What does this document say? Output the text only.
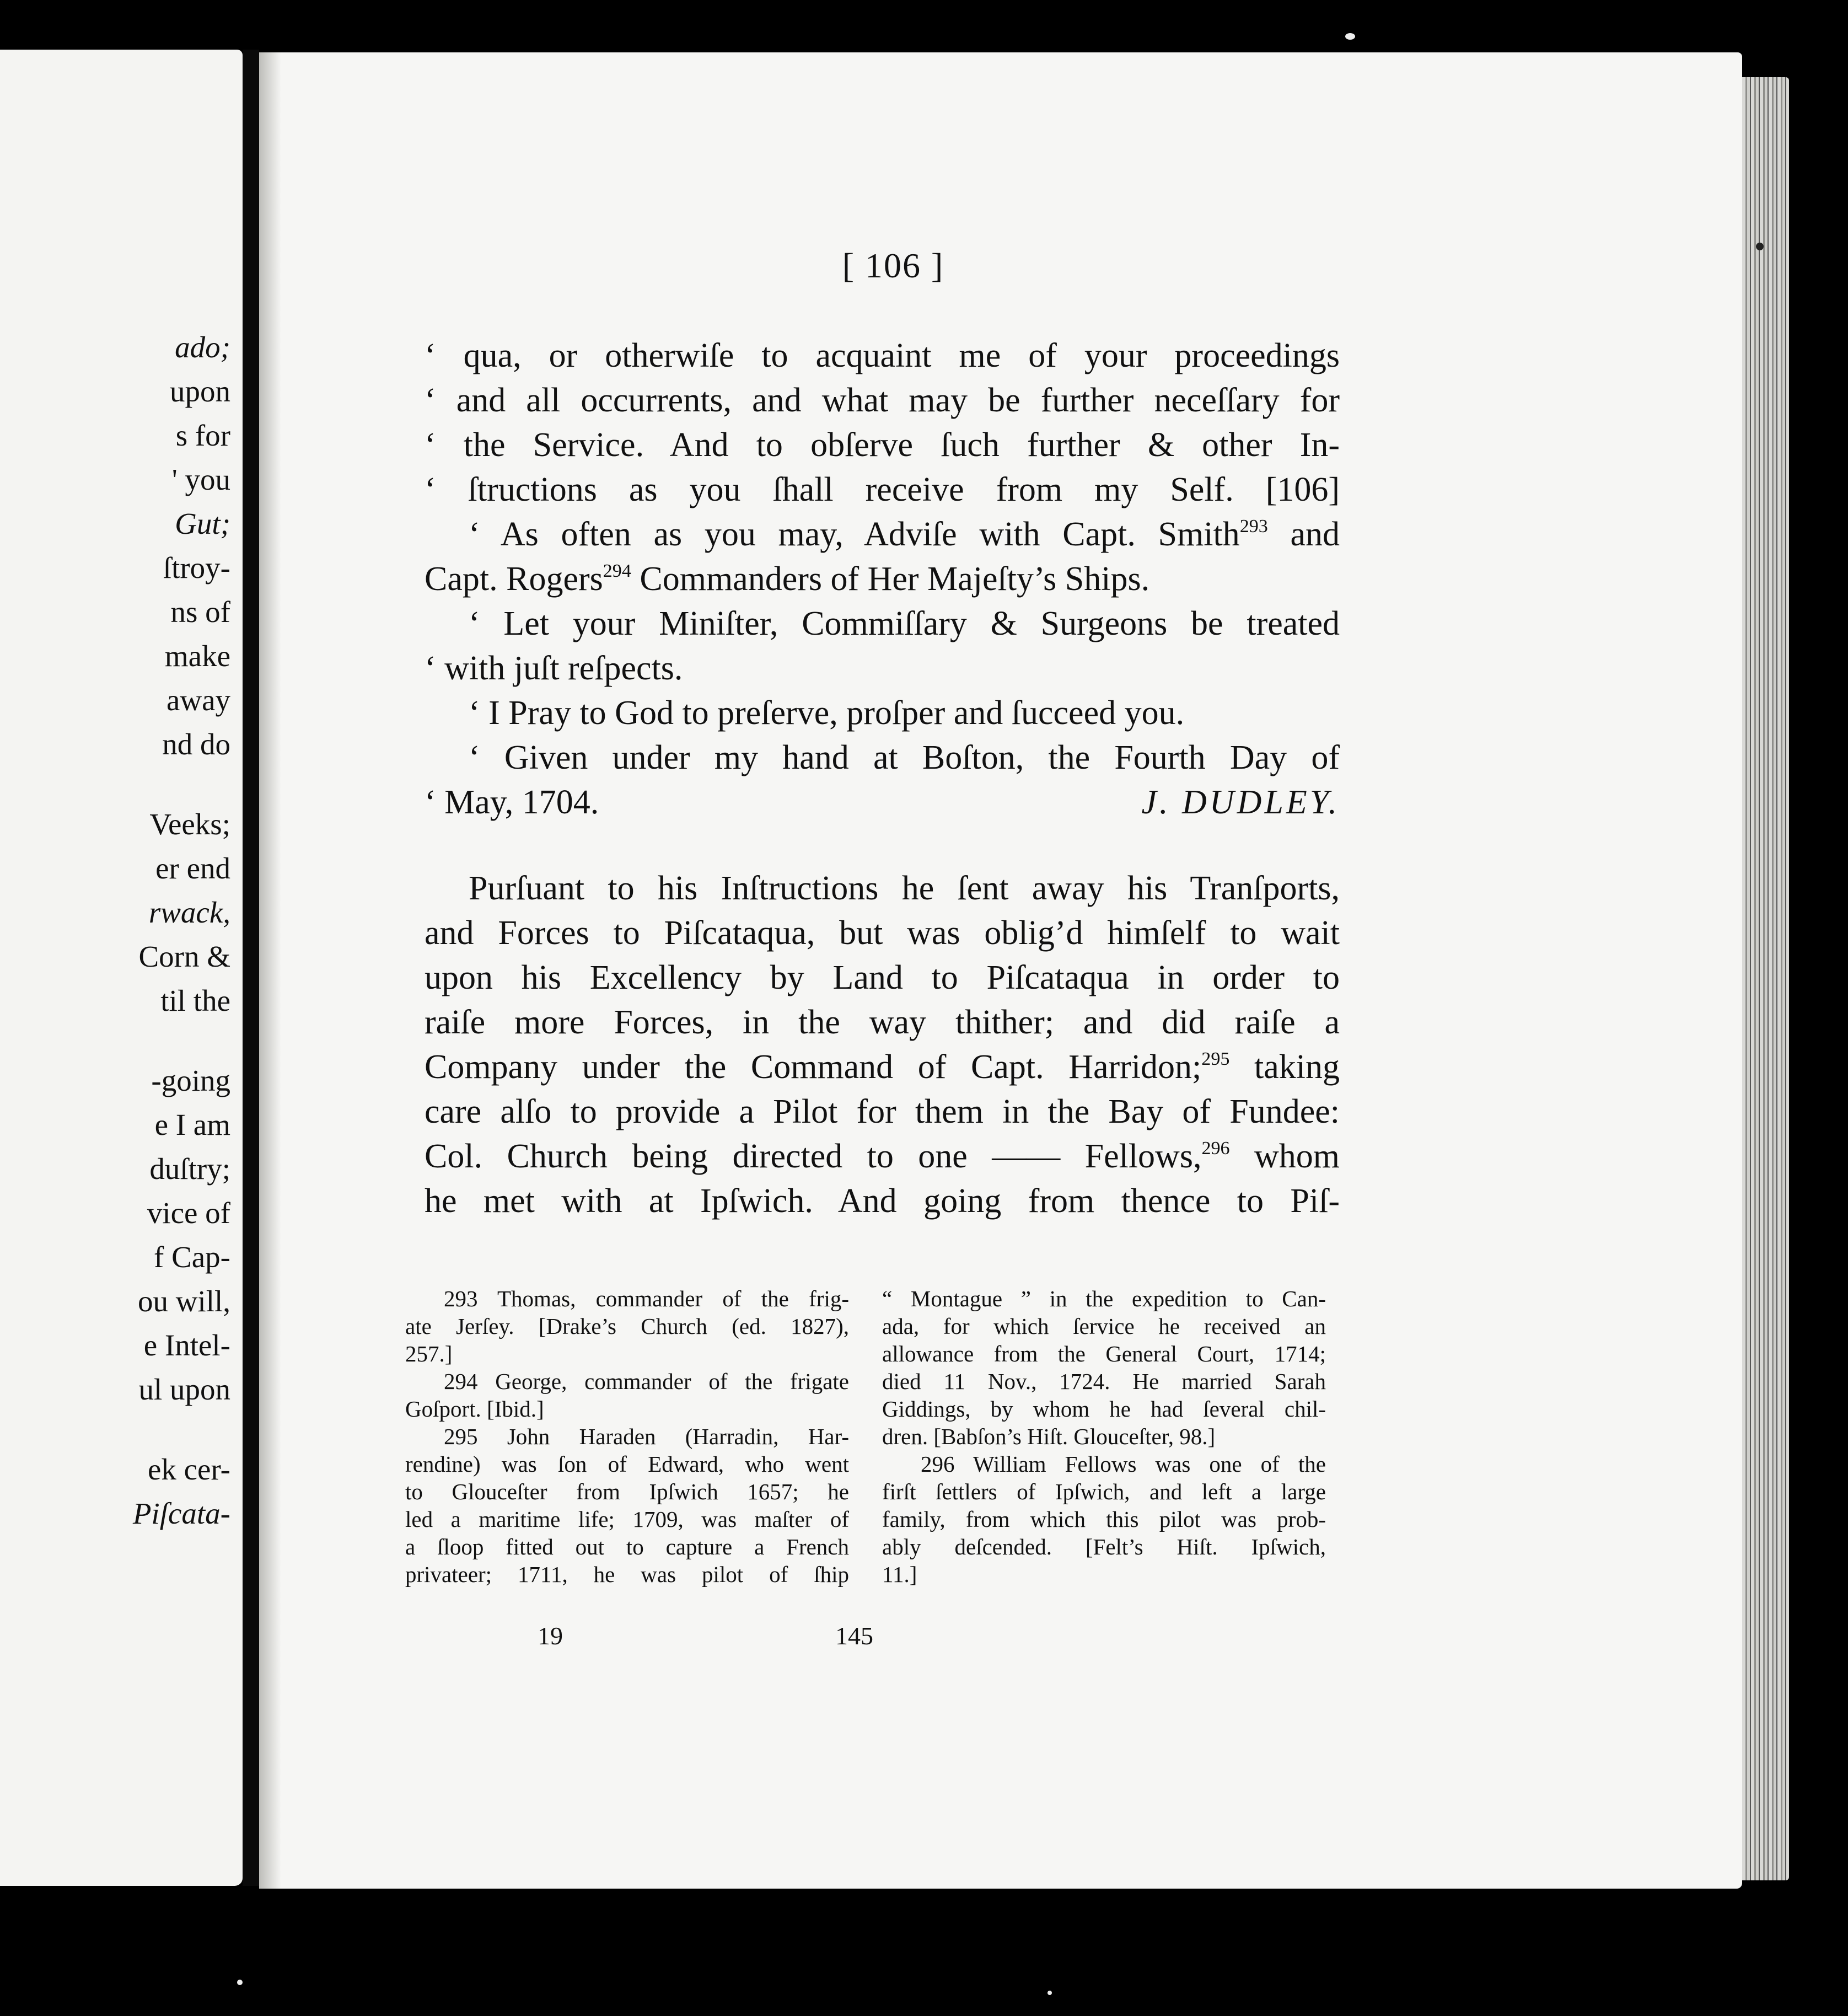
ado;
upon
s for
' you
Gut;
ſtroy-
ns of
make
away
nd do
Veeks;
er end
rwack,
Corn &
til the
-going
e I am
duſtry;
vice of
f Cap-
ou will,
e Intel-
ul upon
ek cer-
Piſcata-
[ 106 ]
‘ qua, or otherwiſe to acquaint me of your proceedings
‘ and all occurrents, and what may be further neceſſary for
‘ the Service. And to obſerve ſuch further & other In-
‘ ſtructions as you ſhall receive from my Self. [106]
‘ As often as you may, Adviſe with Capt. Smith$^{293}$ and
Capt. Rogers$^{294}$ Commanders of Her Majeſty’s Ships.
‘ Let your Miniſter, Commiſſary & Surgeons be treated
‘ with juſt reſpects.
‘ I Pray to God to preſerve, proſper and ſucceed you.
‘ Given under my hand at Boſton, the Fourth Day of
‘ May, 1704.	J. DUDLEY.
Purſuant to his Inſtructions he ſent away his Tranſports,
and Forces to Piſcataqua, but was oblig’d himſelf to wait
upon his Excellency by Land to Piſcataqua in order to
raiſe more Forces, in the way thither; and did raiſe a
Company under the Command of Capt. Harridon;$^{295}$ taking
care alſo to provide a Pilot for them in the Bay of Fundee:
Col. Church being directed to one —— Fellows,$^{296}$ whom
he met with at Ipſwich. And going from thence to Piſ-
293 Thomas, commander of the frig-
ate Jerſey. [Drake’s Church (ed. 1827),
257.]
294 George, commander of the frigate
Goſport. [Ibid.]
295 John Haraden (Harradin, Har-
rendine) was ſon of Edward, who went
to Glouceſter from Ipſwich 1657; he
led a maritime life; 1709, was maſter of
a ſloop fitted out to capture a French
privateer; 1711, he was pilot of ſhip
“ Montague ” in the expedition to Can-
ada, for which ſervice he received an
allowance from the General Court, 1714;
died 11 Nov., 1724. He married Sarah
Giddings, by whom he had ſeveral chil-
dren. [Babſon’s Hiſt. Glouceſter, 98.]
296 William Fellows was one of the
firſt ſettlers of Ipſwich, and left a large
family, from which this pilot was prob-
ably deſcended. [Felt’s Hiſt. Ipſwich,
11.]
19	145
